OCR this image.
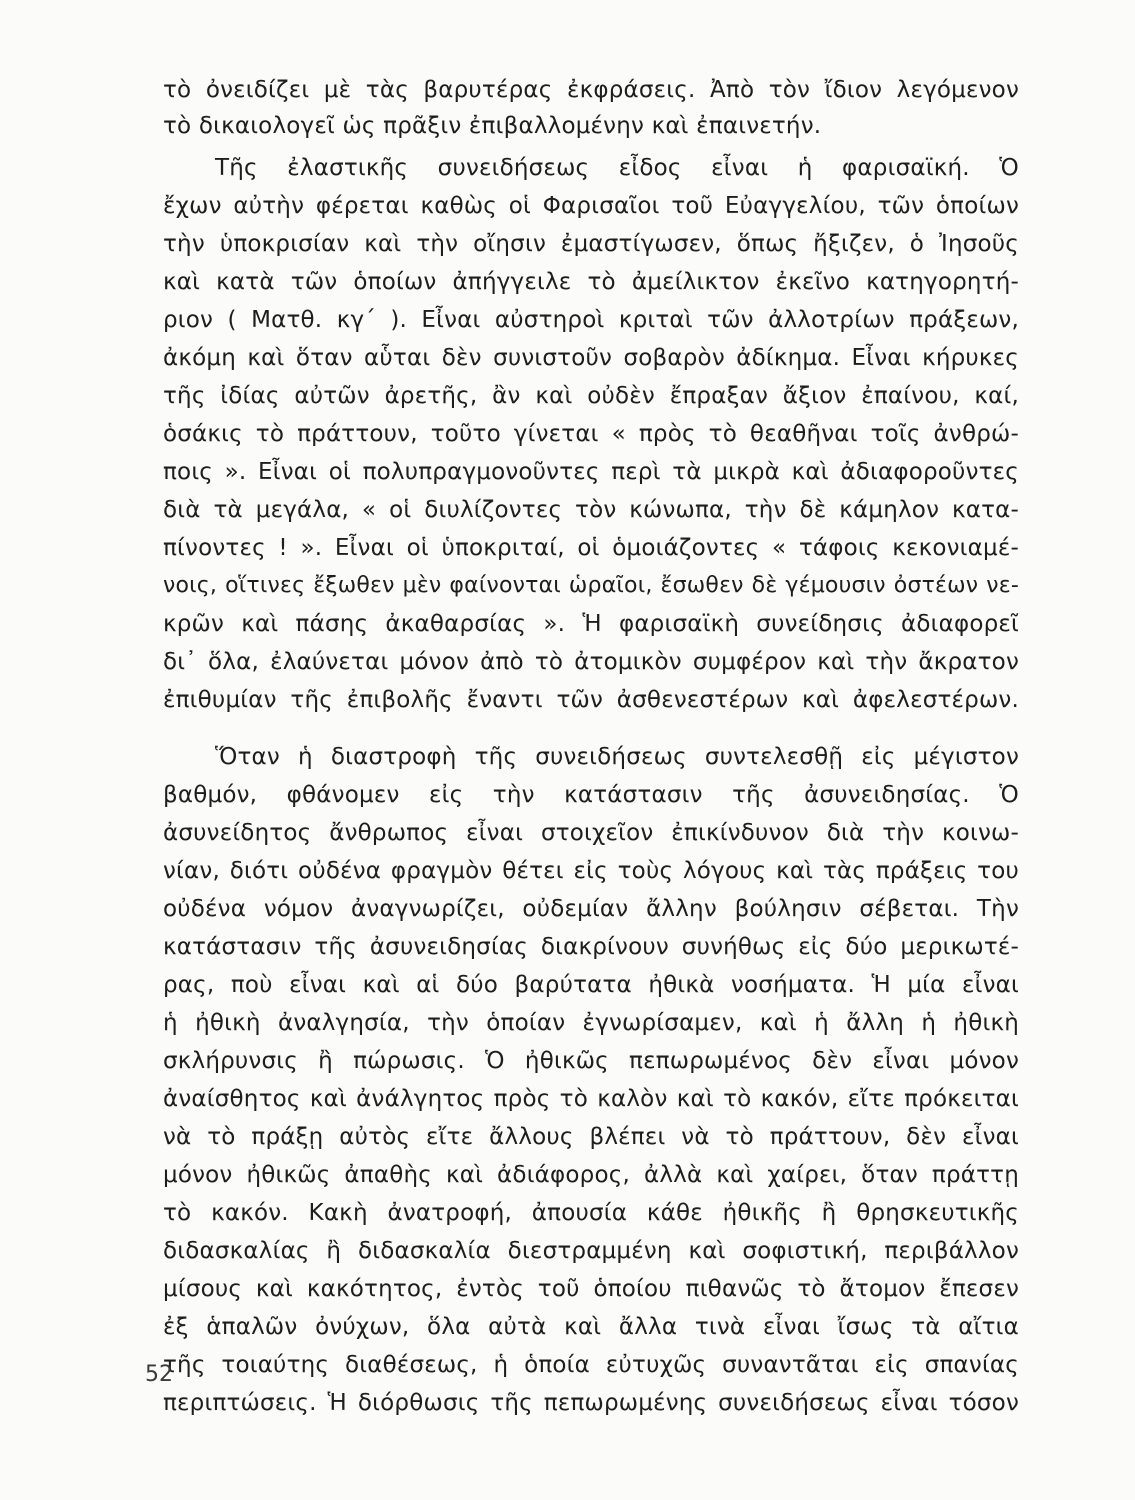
τὸ ὀνειδίζει μὲ τὰς βαρυτέρας ἐκφράσεις. Ἀπὸ τὸν ἴδιον λεγόμενον
τὸ δικαιολογεῖ ὡς πρᾶξιν ἐπιβαλλομένην καὶ ἐπαινετήν.
Τῆς ἐλαστικῆς συνειδήσεως εἶδος εἶναι ἡ φαρισαϊκή. Ὁ
ἔχων αὐτὴν φέρεται καθὼς οἱ Φαρισαῖοι τοῦ Εὐαγγελίου, τῶν ὁποίων
τὴν ὑποκρισίαν καὶ τὴν οἴησιν ἐμαστίγωσεν, ὅπως ἤξιζεν, ὁ Ἰησοῦς
καὶ κατὰ τῶν ὁποίων ἀπήγγειλε τὸ ἀμείλικτον ἐκεῖνο κατηγορητή-
ριον ( Ματθ. κγ΄ ). Εἶναι αὐστηροὶ κριταὶ τῶν ἀλλοτρίων πράξεων,
ἀκόμη καὶ ὅταν αὗται δὲν συνιστοῦν σοβαρὸν ἀδίκημα. Εἶναι κήρυκες
τῆς ἰδίας αὐτῶν ἀρετῆς, ἂν καὶ οὐδὲν ἔπραξαν ἄξιον ἐπαίνου, καί,
ὁσάκις τὸ πράττουν, τοῦτο γίνεται « πρὸς τὸ θεαθῆναι τοῖς ἀνθρώ-
ποις ». Εἶναι οἱ πολυπραγμονοῦντες περὶ τὰ μικρὰ καὶ ἀδιαφοροῦντες
διὰ τὰ μεγάλα, « οἱ διυλίζοντες τὸν κώνωπα, τὴν δὲ κάμηλον κατα-
πίνοντες ! ». Εἶναι οἱ ὑποκριταί, οἱ ὁμοιάζοντες « τάφοις κεκονιαμέ-
νοις, οἵτινες ἔξωθεν μὲν φαίνονται ὡραῖοι, ἔσωθεν δὲ γέμουσιν ὀστέων νε-
κρῶν καὶ πάσης ἀκαθαρσίας ». Ἡ φαρισαϊκὴ συνείδησις ἀδιαφορεῖ
δι᾿ ὅλα, ἐλαύνεται μόνον ἀπὸ τὸ ἀτομικὸν συμφέρον καὶ τὴν ἄκρατον
ἐπιθυμίαν τῆς ἐπιβολῆς ἔναντι τῶν ἀσθενεστέρων καὶ ἀφελεστέρων.
Ὅταν ἡ διαστροφὴ τῆς συνειδήσεως συντελεσθῇ εἰς μέγιστον
βαθμόν, φθάνομεν εἰς τὴν κατάστασιν τῆς ἀσυνειδησίας. Ὁ
ἀσυνείδητος ἄνθρωπος εἶναι στοιχεῖον ἐπικίνδυνον διὰ τὴν κοινω-
νίαν, διότι οὐδένα φραγμὸν θέτει εἰς τοὺς λόγους καὶ τὰς πράξεις του
οὐδένα νόμον ἀναγνωρίζει, οὐδεμίαν ἄλλην βούλησιν σέβεται. Τὴν
κατάστασιν τῆς ἀσυνειδησίας διακρίνουν συνήθως εἰς δύο μερικωτέ-
ρας, ποὺ εἶναι καὶ αἱ δύο βαρύτατα ἠθικὰ νοσήματα. Ἡ μία εἶναι
ἡ ἠθικὴ ἀναλγησία, τὴν ὁποίαν ἐγνωρίσαμεν, καὶ ἡ ἄλλη ἡ ἠθικὴ
σκλήρυνσις ἢ πώρωσις. Ὁ ἠθικῶς πεπωρωμένος δὲν εἶναι μόνον
ἀναίσθητος καὶ ἀνάλγητος πρὸς τὸ καλὸν καὶ τὸ κακόν, εἴτε πρόκειται
νὰ τὸ πράξῃ αὐτὸς εἴτε ἄλλους βλέπει νὰ τὸ πράττουν, δὲν εἶναι
μόνον ἠθικῶς ἀπαθὴς καὶ ἀδιάφορος, ἀλλὰ καὶ χαίρει, ὅταν πράττῃ
τὸ κακόν. Κακὴ ἀνατροφή, ἀπουσία κάθε ἠθικῆς ἢ θρησκευτικῆς
διδασκαλίας ἢ διδασκαλία διεστραμμένη καὶ σοφιστική, περιβάλλον
μίσους καὶ κακότητος, ἐντὸς τοῦ ὁποίου πιθανῶς τὸ ἄτομον ἔπεσεν
ἐξ ἁπαλῶν ὀνύχων, ὅλα αὐτὰ καὶ ἄλλα τινὰ εἶναι ἴσως τὰ αἴτια
τῆς τοιαύτης διαθέσεως, ἡ ὁποία εὐτυχῶς συναντᾶται εἰς σπανίας
περιπτώσεις. Ἡ διόρθωσις τῆς πεπωρωμένης συνειδήσεως εἶναι τόσον
52
